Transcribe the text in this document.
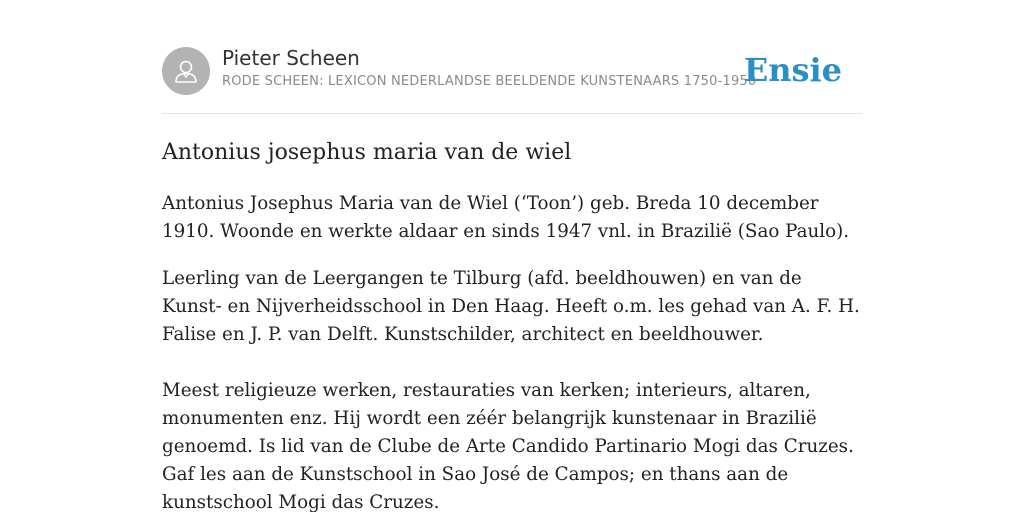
Pieter Scheen
RODE SCHEEN: LEXICON NEDERLANDSE BEELDENDE KUNSTENAARS 1750-1950
Ensie
Antonius josephus maria van de wiel

Antonius Josephus Maria van de Wiel (‘Toon’) geb. Breda 10 december 1910. Woonde en werkte aldaar en sinds 1947 vnl. in Brazilië (Sao Paulo).

Leerling van de Leergangen te Tilburg (afd. beeldhouwen) en van de Kunst- en Nijverheidsschool in Den Haag. Heeft o.m. les gehad van A. F. H. Falise en J. P. van Delft. Kunstschilder, architect en beeldhouwer.

Meest religieuze werken, restauraties van kerken; interieurs, altaren, monumenten enz. Hij wordt een zéér belangrijk kunstenaar in Brazilië genoemd. Is lid van de Clube de Arte Candido Partinario Mogi das Cruzes. Gaf les aan de Kunstschool in Sao José de Campos; en thans aan de kunstschool Mogi das Cruzes.
